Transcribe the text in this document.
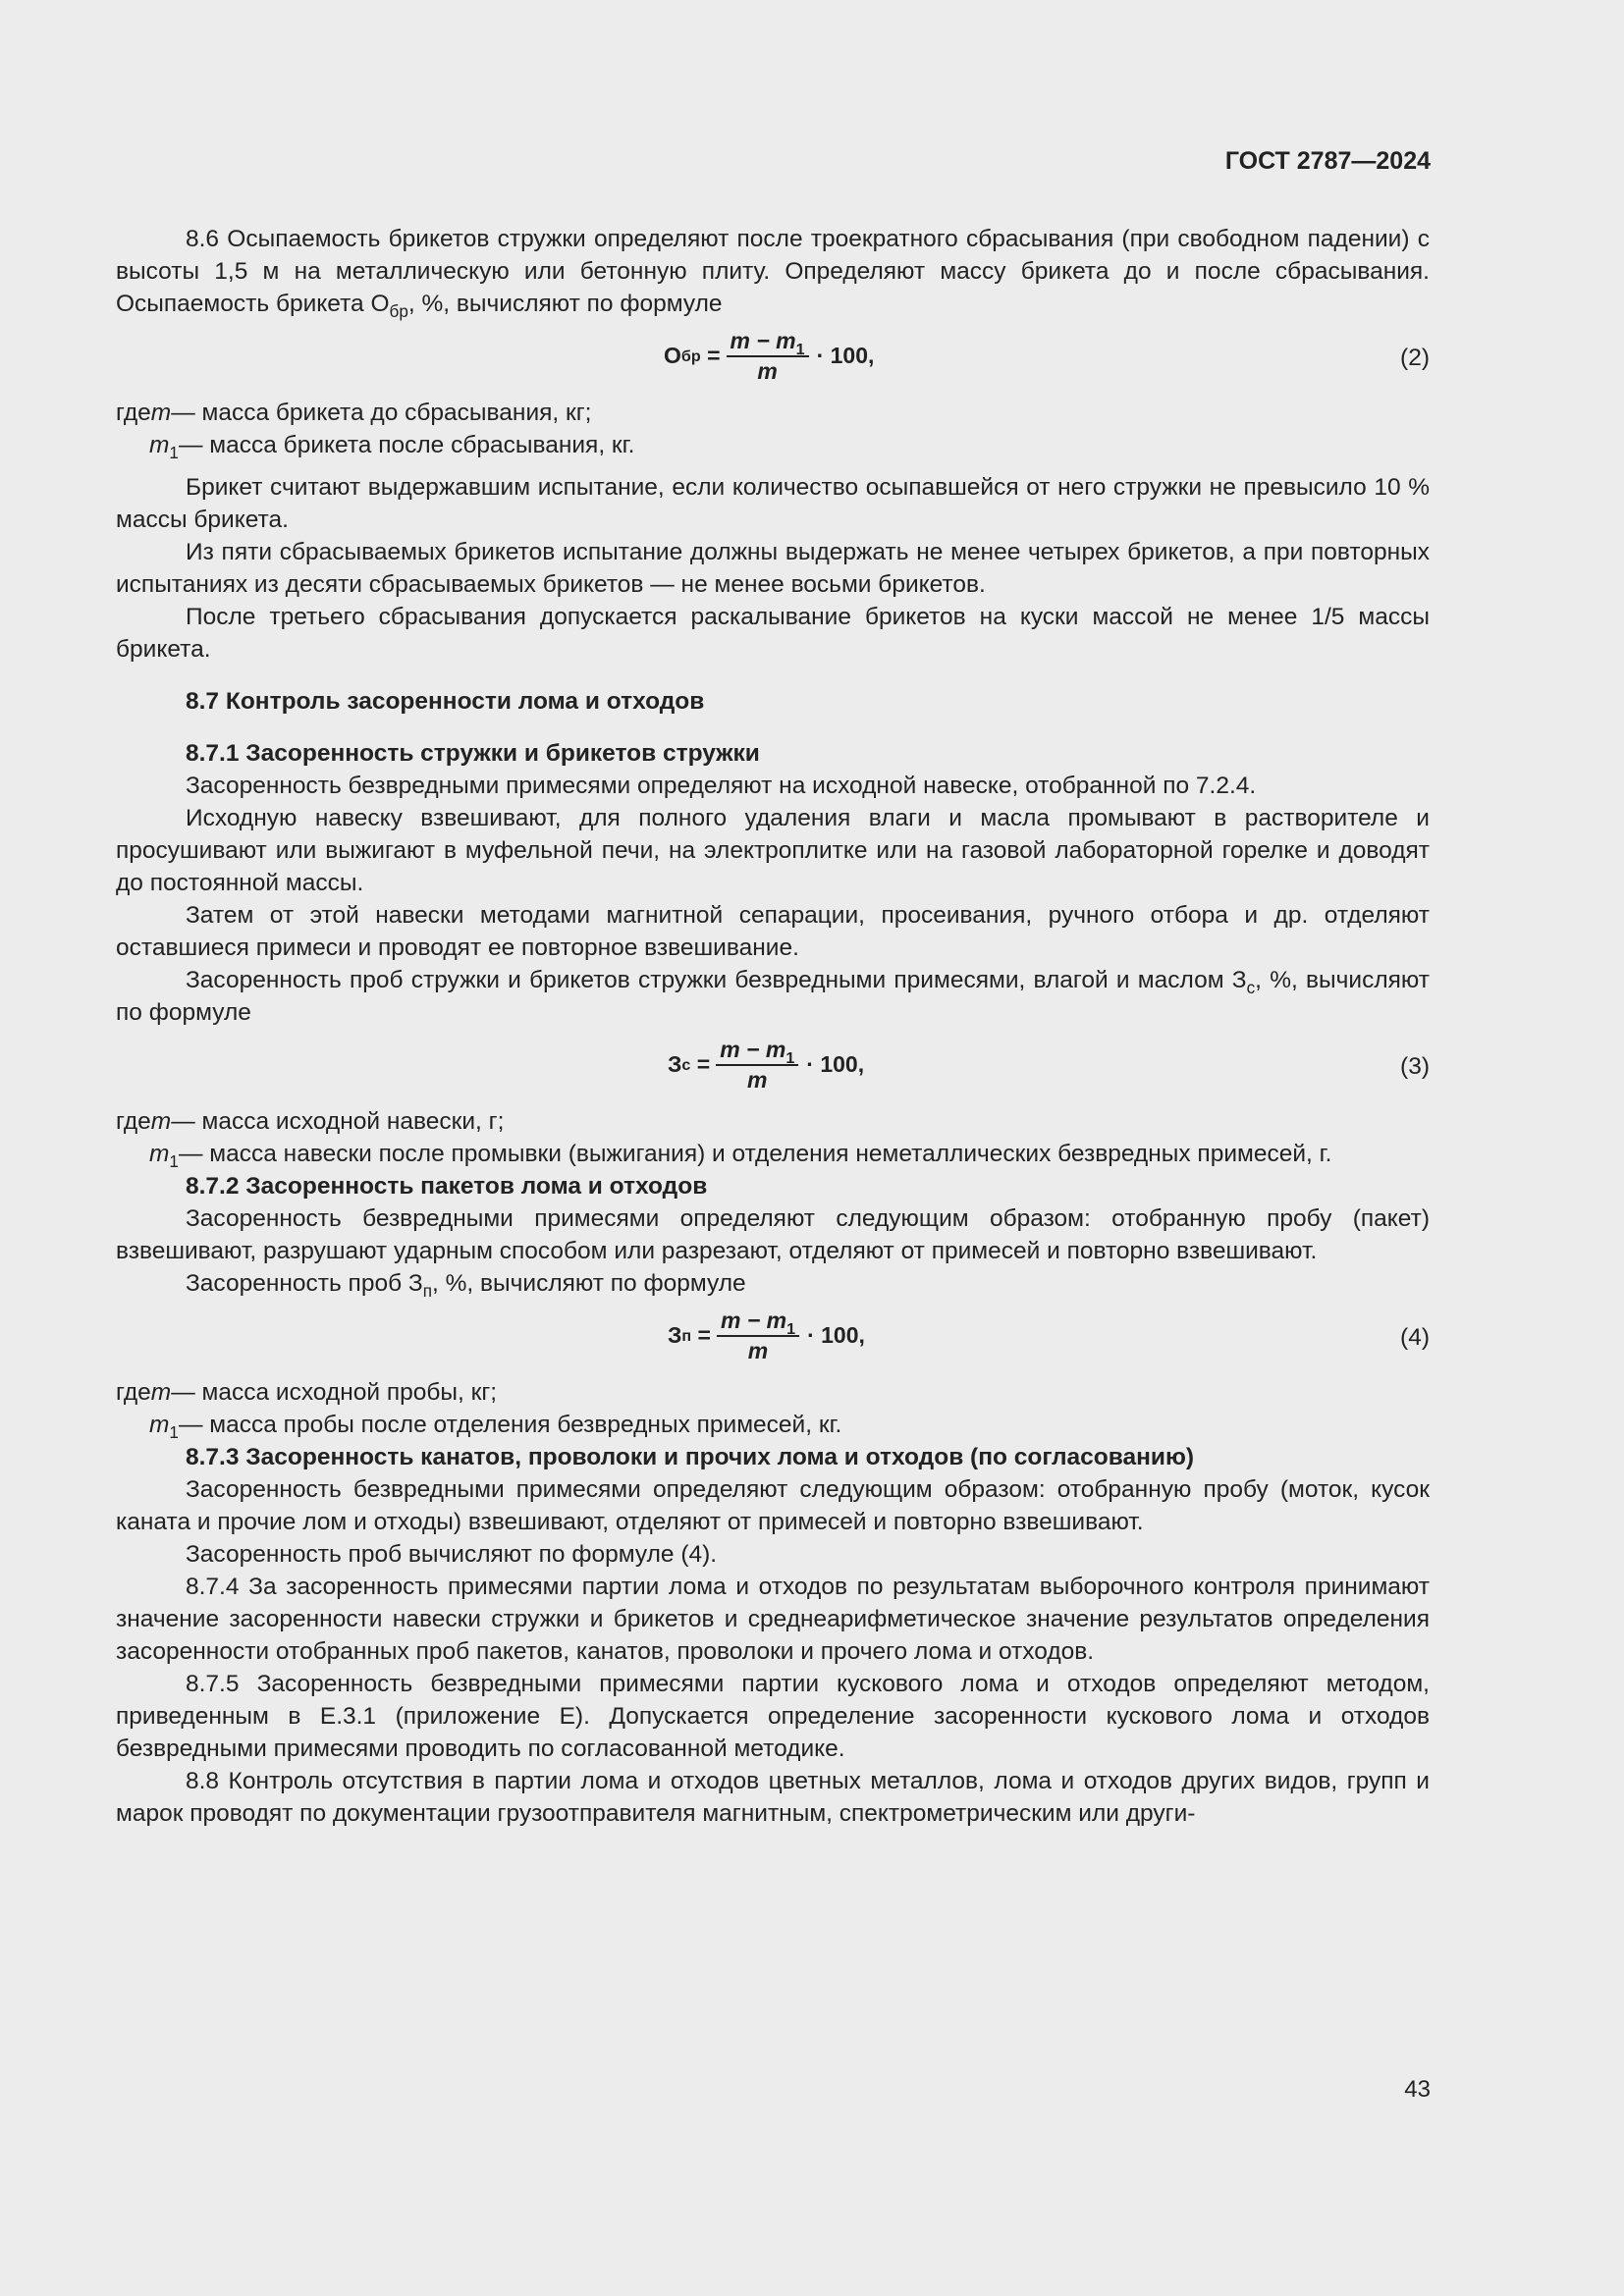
ГОСТ 2787—2024

8.6 Осыпаемость брикетов стружки определяют после троекратного сбрасывания (при свободном падении) с высоты 1,5 м на металлическую или бетонную плиту. Определяют массу брикета до и после сбрасывания. Осыпаемость брикета $О_{бр}$, %, вычисляют по формуле

О бр
= $\frac{m - m_1}{m} \cdot 100$,	(2)
где m — масса брикета до сбрасывания, кг;
$m_1$ — масса брикета после сбрасывания, кг.

Брикет считают выдержавшим испытание, если количество осыпавшейся от него стружки не превысило 10 % массы брикета.

Из пяти сбрасываемых брикетов испытание должны выдержать не менее четырех брикетов, а при повторных испытаниях из десяти сбрасываемых брикетов — не менее восьми брикетов.

После третьего сбрасывания допускается раскалывание брикетов на куски массой не менее 1/5 массы брикета.

8.7 Контроль засоренности лома и отходов

8.7.1 Засоренность стружки и брикетов стружки

Засоренность безвредными примесями определяют на исходной навеске, отобранной по 7.2.4.

Исходную навеску взвешивают, для полного удаления влаги и масла промывают в растворителе и просушивают или выжигают в муфельной печи, на электроплитке или на газовой лабораторной горелке и доводят до постоянной массы.

Затем от этой навески методами магнитной сепарации, просеивания, ручного отбора и др. отделяют оставшиеся примеси и проводят ее повторное взвешивание.

Засоренность проб стружки и брикетов стружки безвредными примесями, влагой и маслом $З_с$, %, вычисляют по формуле

З с
= $\frac{m - m_1}{m} \cdot 100$,	(3)
где m — масса исходной навески, г;
$m_1$ — масса навески после промывки (выжигания) и отделения неметаллических безвредных примесей, г.

8.7.2 Засоренность пакетов лома и отходов

Засоренность безвредными примесями определяют следующим образом: отобранную пробу (пакет) взвешивают, разрушают ударным способом или разрезают, отделяют от примесей и повторно взвешивают.

Засоренность проб $З_п$, %, вычисляют по формуле

З п
= $\frac{m - m_1}{m} \cdot 100$,	(4)
где m — масса исходной пробы, кг;
$m_1$ — масса пробы после отделения безвредных примесей, кг.

8.7.3 Засоренность канатов, проволоки и прочих лома и отходов (по согласованию)

Засоренность безвредными примесями определяют следующим образом: отобранную пробу (моток, кусок каната и прочие лом и отходы) взвешивают, отделяют от примесей и повторно взвешивают.

Засоренность проб вычисляют по формуле (4).

8.7.4 За засоренность примесями партии лома и отходов по результатам выборочного контроля принимают значение засоренности навески стружки и брикетов и среднеарифметическое значение результатов определения засоренности отобранных проб пакетов, канатов, проволоки и прочего лома и отходов.

8.7.5 Засоренность безвредными примесями партии кускового лома и отходов определяют методом, приведенным в Е.3.1 (приложение Е). Допускается определение засоренности кускового лома и отходов безвредными примесями проводить по согласованной методике.

8.8 Контроль отсутствия в партии лома и отходов цветных металлов, лома и отходов других видов, групп и марок проводят по документации грузоотправителя магнитным, спектрометрическим или други-

43
